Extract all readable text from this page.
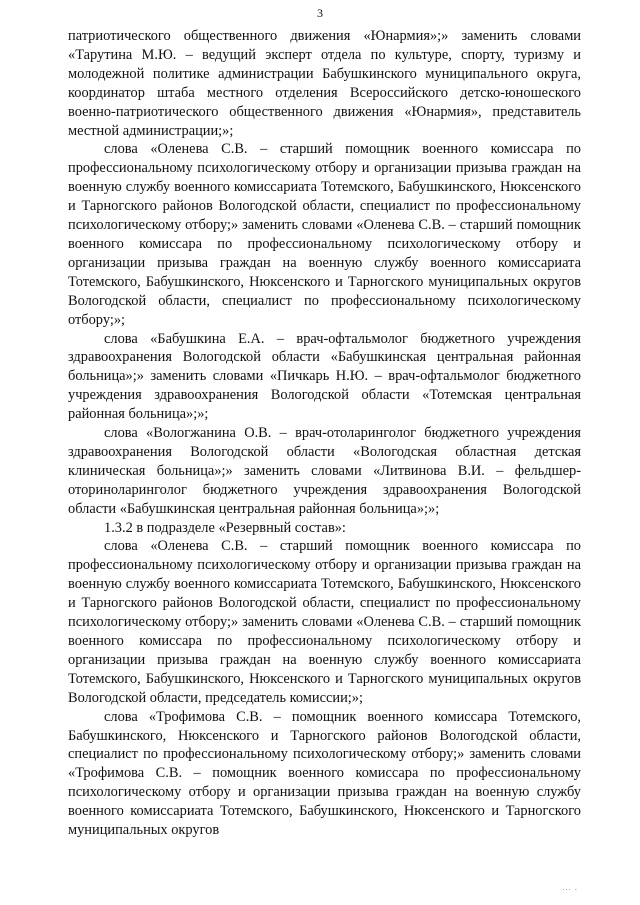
3

патриотического общественного движения «Юнармия»;» заменить словами «Тарутина М.Ю. – ведущий эксперт отдела по культуре, спорту, туризму и молодежной политике администрации Бабушкинского муниципального округа, координатор штаба местного отделения Всероссийского детско-юношеского военно-патриотического общественного движения «Юнармия», представитель местной администрации;»;

слова «Оленева С.В. – старший помощник военного комиссара по профессиональному психологическому отбору и организации призыва граждан на военную службу военного комиссариата Тотемского, Бабушкинского, Нюксенского и Тарногского районов Вологодской области, специалист по профессиональному психологическому отбору;» заменить словами «Оленева С.В. – старший помощник военного комиссара по профессиональному психологическому отбору и организации призыва граждан на военную службу военного комиссариата Тотемского, Бабушкинского, Нюксенского и Тарногского муниципальных округов Вологодской области, специалист по профессиональному психологическому отбору;»;

слова «Бабушкина Е.А. – врач-офтальмолог бюджетного учреждения здравоохранения Вологодской области «Бабушкинская центральная районная больница»;» заменить словами «Пичкарь Н.Ю. – врач-офтальмолог бюджетного учреждения здравоохранения Вологодской области «Тотемская центральная районная больница»;»;

слова «Вологжанина О.В. – врач-отоларинголог бюджетного учреждения здравоохранения Вологодской области «Вологодская областная детская клиническая больница»;» заменить словами «Литвинова В.И. – фельдшер-оториноларинголог бюджетного учреждения здравоохранения Вологодской области «Бабушкинская центральная районная больница»;»;

1.3.2 в подразделе «Резервный состав»:

слова «Оленева С.В. – старший помощник военного комиссара по профессиональному психологическому отбору и организации призыва граждан на военную службу военного комиссариата Тотемского, Бабушкинского, Нюксенского и Тарногского районов Вологодской области, специалист по профессиональному психологическому отбору;» заменить словами «Оленева С.В. – старший помощник военного комиссара по профессиональному психологическому отбору и организации призыва граждан на военную службу военного комиссариата Тотемского, Бабушкинского, Нюксенского и Тарногского муниципальных округов Вологодской области, председатель комиссии;»;

слова «Трофимова С.В. – помощник военного комиссара Тотемского, Бабушкинского, Нюксенского и Тарногского районов Вологодской области, специалист по профессиональному психологическому отбору;» заменить словами «Трофимова С.В. – помощник военного комиссара по профессиональному психологическому отбору и организации призыва граждан на военную службу военного комиссариата Тотемского, Бабушкинского, Нюксенского и Тарногского муниципальных округов

··· ·
